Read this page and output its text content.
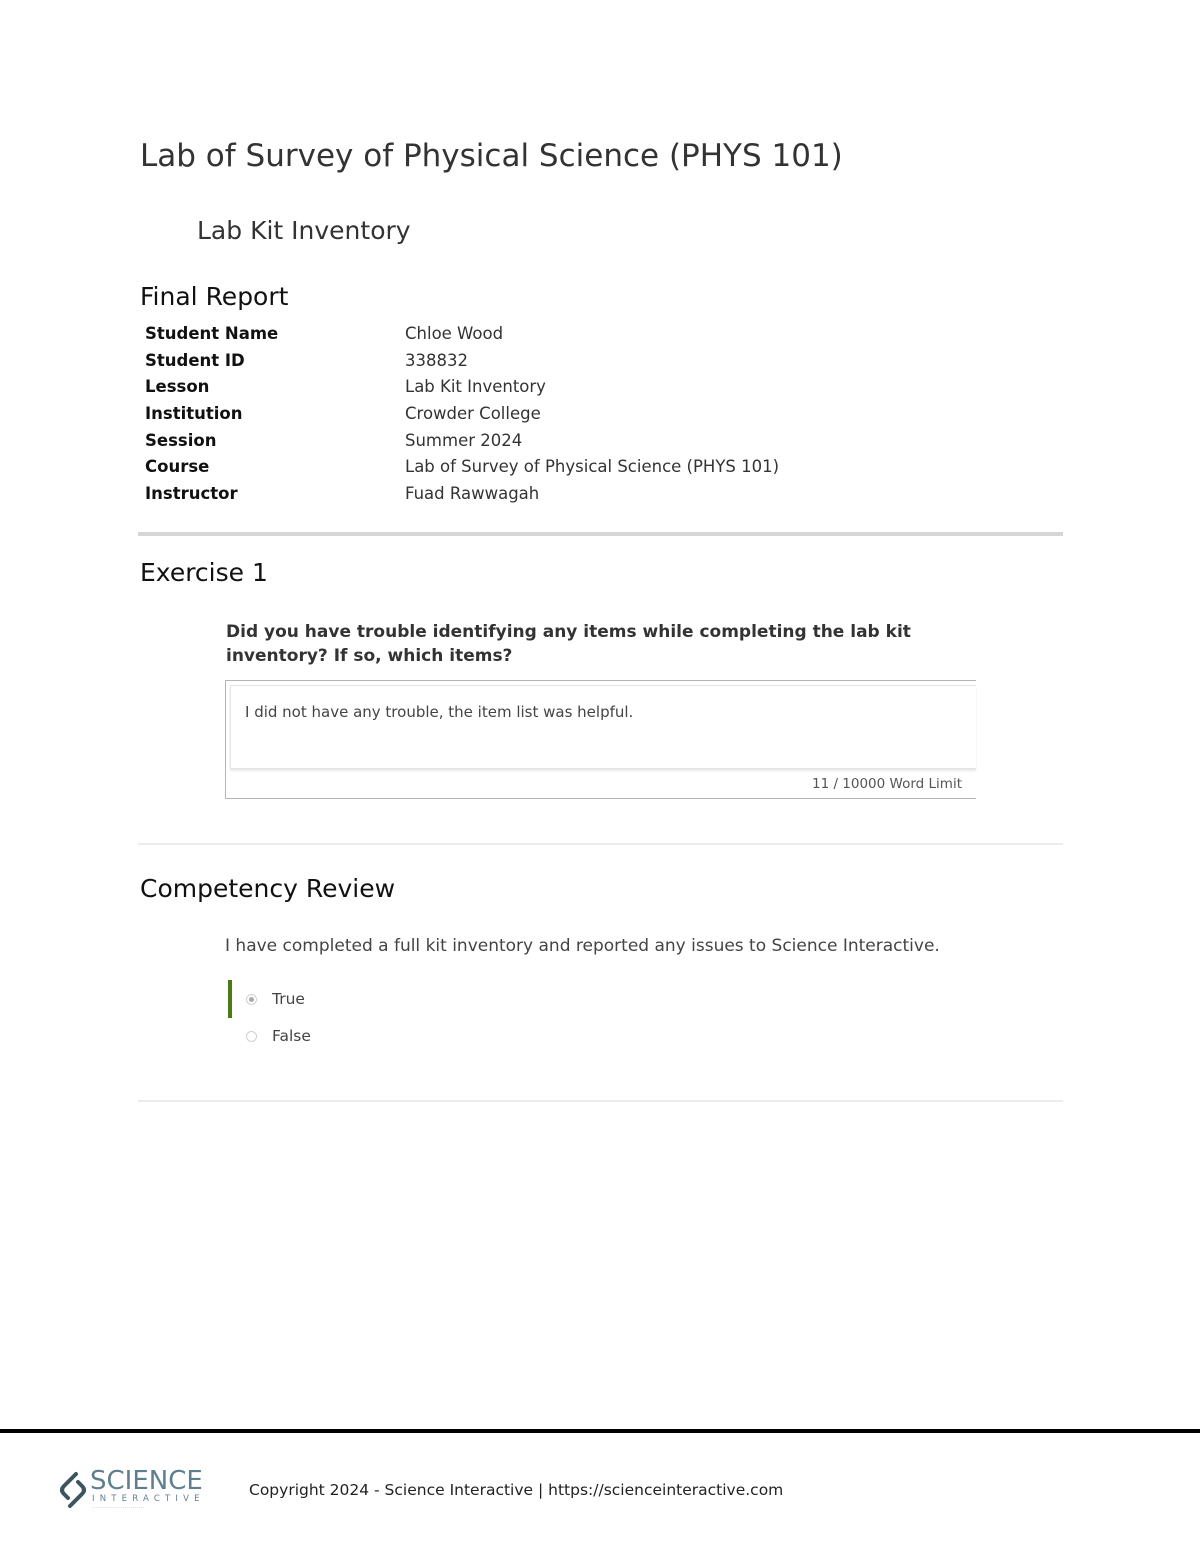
Lab of Survey of Physical Science (PHYS 101)
Lab Kit Inventory
Final Report
Student Name	Chloe Wood
Student ID	338832
Lesson	Lab Kit Inventory
Institution	Crowder College
Session	Summer 2024
Course	Lab of Survey of Physical Science (PHYS 101)
Instructor	Fuad Rawwagah
Exercise 1
Did you have trouble identifying any items while completing the lab kit inventory? If so, which items?
I did not have any trouble, the item list was helpful.
11 / 10000 Word Limit
Competency Review
I have completed a full kit inventory and reported any issues to Science Interactive.
True
False
SCIENCE
INTERACTIVE
··························
Copyright 2024 - Science Interactive | https://scienceinteractive.com
